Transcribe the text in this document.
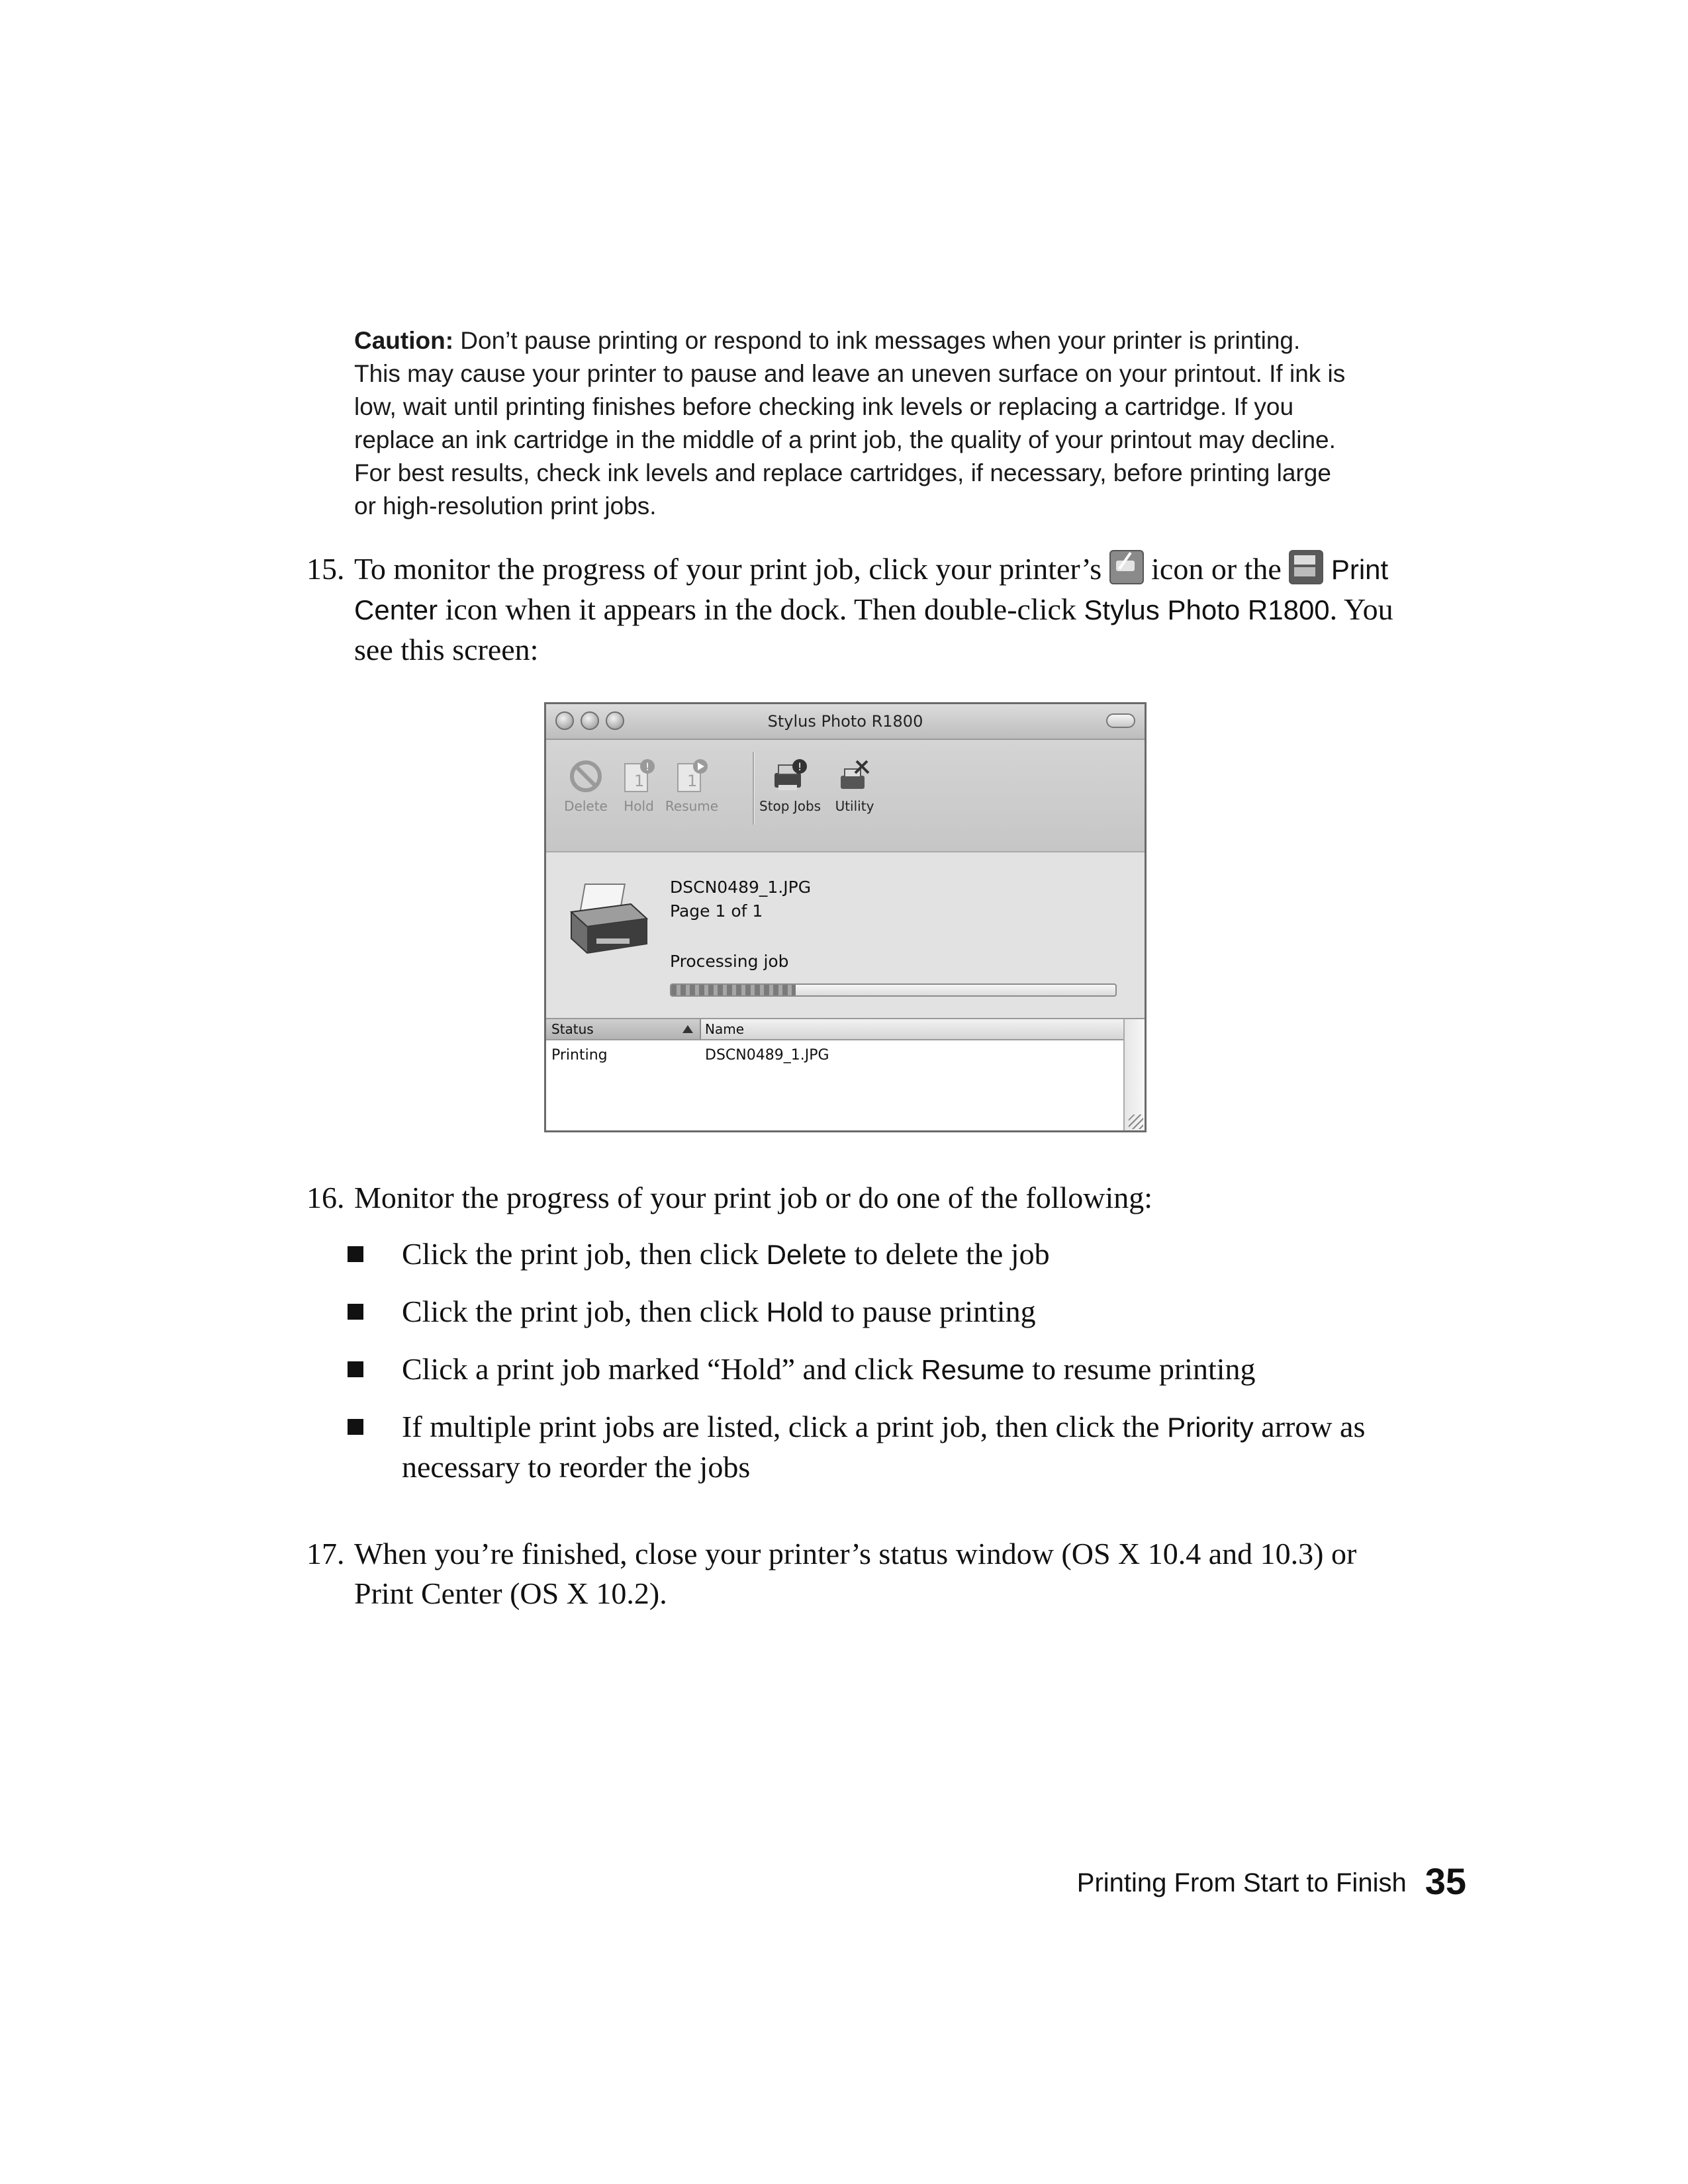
Caution: Don’t pause printing or respond to ink messages when your printer is printing. This may cause your printer to pause and leave an uneven surface on your printout. If ink is low, wait until printing finishes before checking ink levels or replacing a cartridge. If you replace an ink cartridge in the middle of a print job, the quality of your printout may decline. For best results, check ink levels and replace cartridges, if necessary, before printing large or high-resolution print jobs.
15. To monitor the progress of your print job, click your printer’s  icon or the  Print Center icon when it appears in the dock. Then double-click Stylus Photo R1800. You see this screen:
Stylus Photo R1800
Delete
1
!
Hold
1
Resume
!
Stop Jobs	Utility
DSCN0489_1.JPG
Page 1 of 1
Processing job
Status	Name
Printing	DSCN0489_1.JPG
16. Monitor the progress of your print job or do one of the following:

Click the print job, then click Delete to delete the job

Click the print job, then click Hold to pause printing

Click a print job marked “Hold” and click Resume to resume printing

If multiple print jobs are listed, click a print job, then click the Priority arrow as necessary to reorder the jobs

17. When you’re finished, close your printer’s status window (OS X 10.4 and 10.3) or Print Center (OS X 10.2).
Printing From Start to Finish 35
